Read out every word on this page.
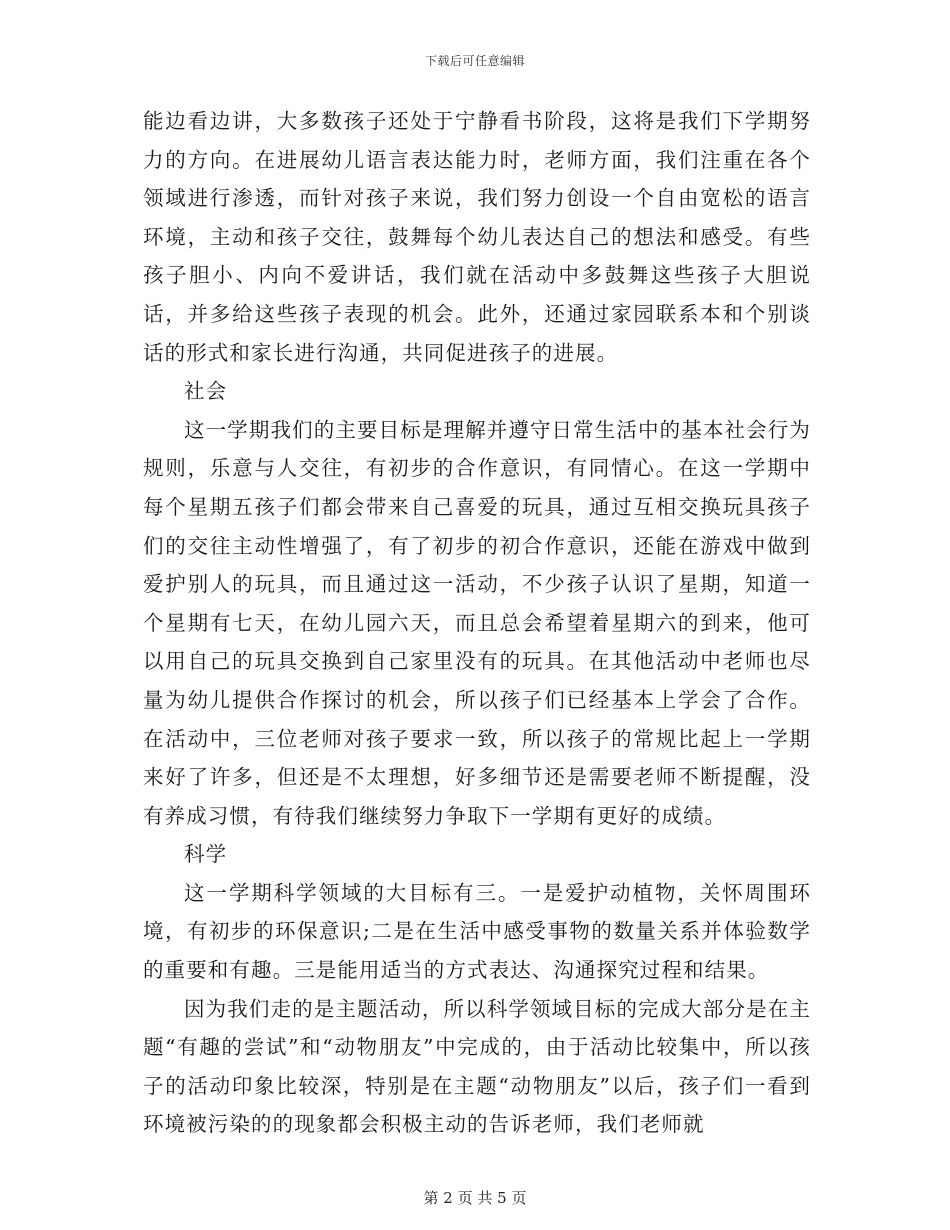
下载后可任意编辑

能边看边讲，大多数孩子还处于宁静看书阶段，这将是我们下学期努力的方向。在进展幼儿语言表达能力时，老师方面，我们注重在各个领域进行渗透，而针对孩子来说，我们努力创设一个自由宽松的语言环境，主动和孩子交往，鼓舞每个幼儿表达自己的想法和感受。有些孩子胆小、内向不爱讲话，我们就在活动中多鼓舞这些孩子大胆说话，并多给这些孩子表现的机会。此外，还通过家园联系本和个别谈话的形式和家长进行沟通，共同促进孩子的进展。

社会

这一学期我们的主要目标是理解并遵守日常生活中的基本社会行为规则，乐意与人交往，有初步的合作意识，有同情心。在这一学期中每个星期五孩子们都会带来自己喜爱的玩具，通过互相交换玩具孩子们的交往主动性增强了，有了初步的初合作意识，还能在游戏中做到爱护别人的玩具，而且通过这一活动，不少孩子认识了星期，知道一个星期有七天，在幼儿园六天，而且总会希望着星期六的到来，他可以用自己的玩具交换到自己家里没有的玩具。在其他活动中老师也尽量为幼儿提供合作探讨的机会，所以孩子们已经基本上学会了合作。在活动中，三位老师对孩子要求一致，所以孩子的常规比起上一学期来好了许多，但还是不太理想，好多细节还是需要老师不断提醒，没有养成习惯，有待我们继续努力争取下一学期有更好的成绩。

科学

这一学期科学领域的大目标有三。一是爱护动植物，关怀周围环境，有初步的环保意识;二是在生活中感受事物的数量关系并体验数学的重要和有趣。三是能用适当的方式表达、沟通探究过程和结果。

因为我们走的是主题活动，所以科学领域目标的完成大部分是在主题“有趣的尝试”和“动物朋友”中完成的，由于活动比较集中，所以孩子的活动印象比较深，特别是在主题“动物朋友”以后，孩子们一看到环境被污染的的现象都会积极主动的告诉老师，我们老师就

第 2 页 共 5 页
